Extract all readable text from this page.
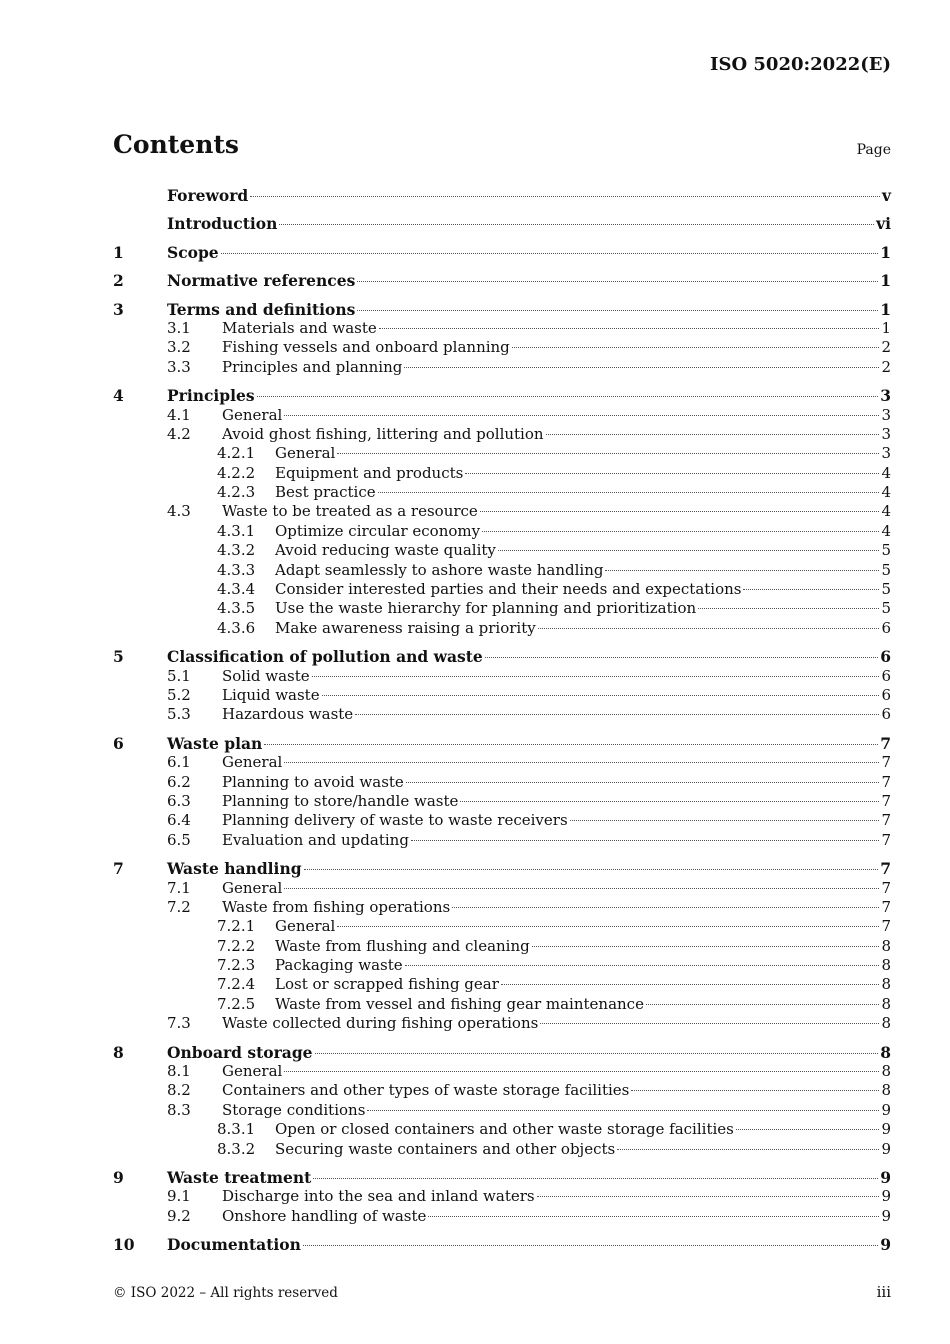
ISO 5020:2022(E)
Contents	Page
Foreword	v
Introduction	vi
1	Scope	1
2	Normative references	1
3	Terms and definitions	1
3.1	Materials and waste	1
3.2	Fishing vessels and onboard planning	2
3.3	Principles and planning	2
4	Principles	3
4.1	General	3
4.2	Avoid ghost fishing, littering and pollution	3
4.2.1	General	3
4.2.2	Equipment and products	4
4.2.3	Best practice	4
4.3	Waste to be treated as a resource	4
4.3.1	Optimize circular economy	4
4.3.2	Avoid reducing waste quality	5
4.3.3	Adapt seamlessly to ashore waste handling	5
4.3.4	Consider interested parties and their needs and expectations	5
4.3.5	Use the waste hierarchy for planning and prioritization	5
4.3.6	Make awareness raising a priority	6
5	Classification of pollution and waste	6
5.1	Solid waste	6
5.2	Liquid waste	6
5.3	Hazardous waste	6
6	Waste plan	7
6.1	General	7
6.2	Planning to avoid waste	7
6.3	Planning to store/handle waste	7
6.4	Planning delivery of waste to waste receivers	7
6.5	Evaluation and updating	7
7	Waste handling	7
7.1	General	7
7.2	Waste from fishing operations	7
7.2.1	General	7
7.2.2	Waste from flushing and cleaning	8
7.2.3	Packaging waste	8
7.2.4	Lost or scrapped fishing gear	8
7.2.5	Waste from vessel and fishing gear maintenance	8
7.3	Waste collected during fishing operations	8
8	Onboard storage	8
8.1	General	8
8.2	Containers and other types of waste storage facilities	8
8.3	Storage conditions	9
8.3.1	Open or closed containers and other waste storage facilities	9
8.3.2	Securing waste containers and other objects	9
9	Waste treatment	9
9.1	Discharge into the sea and inland waters	9
9.2	Onshore handling of waste	9
10	Documentation	9
© ISO 2022 – All rights reserved	iii
